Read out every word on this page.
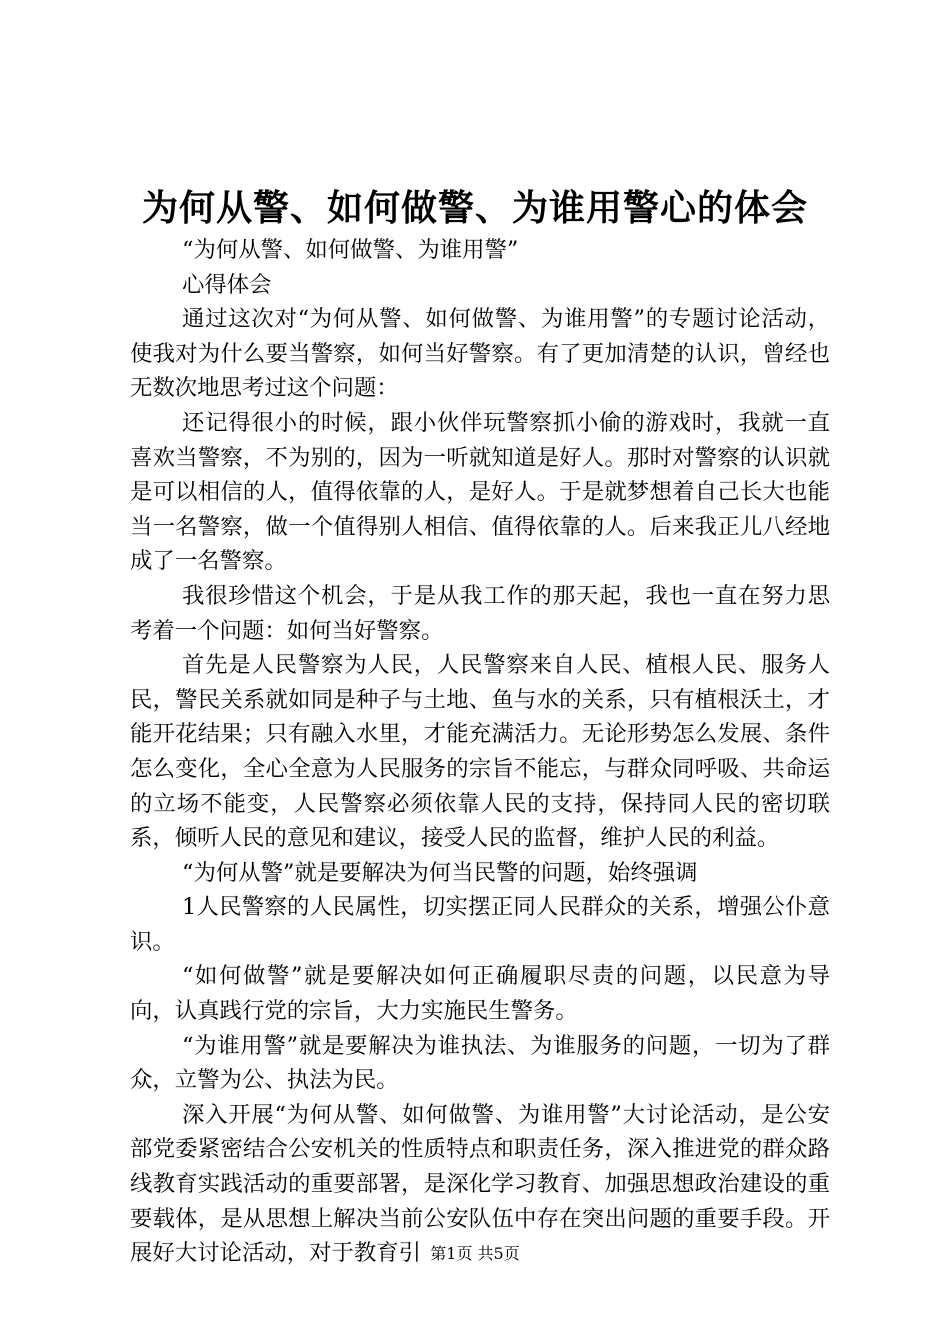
为何从警、如何做警、为谁用警心的体会

“为何从警、如何做警、为谁用警”

心得体会

通过这次对“为何从警、如何做警、为谁用警”的专题讨论活动，使我对为什么要当警察，如何当好警察。有了更加清楚的认识，曾经也无数次地思考过这个问题：

还记得很小的时候，跟小伙伴玩警察抓小偷的游戏时，我就一直喜欢当警察，不为别的，因为一听就知道是好人。那时对警察的认识就是可以相信的人，值得依靠的人，是好人。于是就梦想着自己长大也能当一名警察，做一个值得别人相信、值得依靠的人。后来我正儿八经地成了一名警察。

我很珍惜这个机会，于是从我工作的那天起，我也一直在努力思考着一个问题：如何当好警察。

首先是人民警察为人民，人民警察来自人民、植根人民、服务人民，警民关系就如同是种子与土地、鱼与水的关系，只有植根沃土，才能开花结果；只有融入水里，才能充满活力。无论形势怎么发展、条件怎么变化，全心全意为人民服务的宗旨不能忘，与群众同呼吸、共命运的立场不能变，人民警察必须依靠人民的支持，保持同人民的密切联系，倾听人民的意见和建议，接受人民的监督，维护人民的利益。

“为何从警”就是要解决为何当民警的问题，始终强调

1人民警察的人民属性，切实摆正同人民群众的关系，增强公仆意识。

“如何做警”就是要解决如何正确履职尽责的问题，以民意为导向，认真践行党的宗旨，大力实施民生警务。

“为谁用警”就是要解决为谁执法、为谁服务的问题，一切为了群众，立警为公、执法为民。

深入开展“为何从警、如何做警、为谁用警”大讨论活动，是公安部党委紧密结合公安机关的性质特点和职责任务，深入推进党的群众路线教育实践活动的重要部署，是深化学习教育、加强思想政治建设的重要载体，是从思想上解决当前公安队伍中存在突出问题的重要手段。开展好大讨论活动，对于教育引 第1页 共5页
